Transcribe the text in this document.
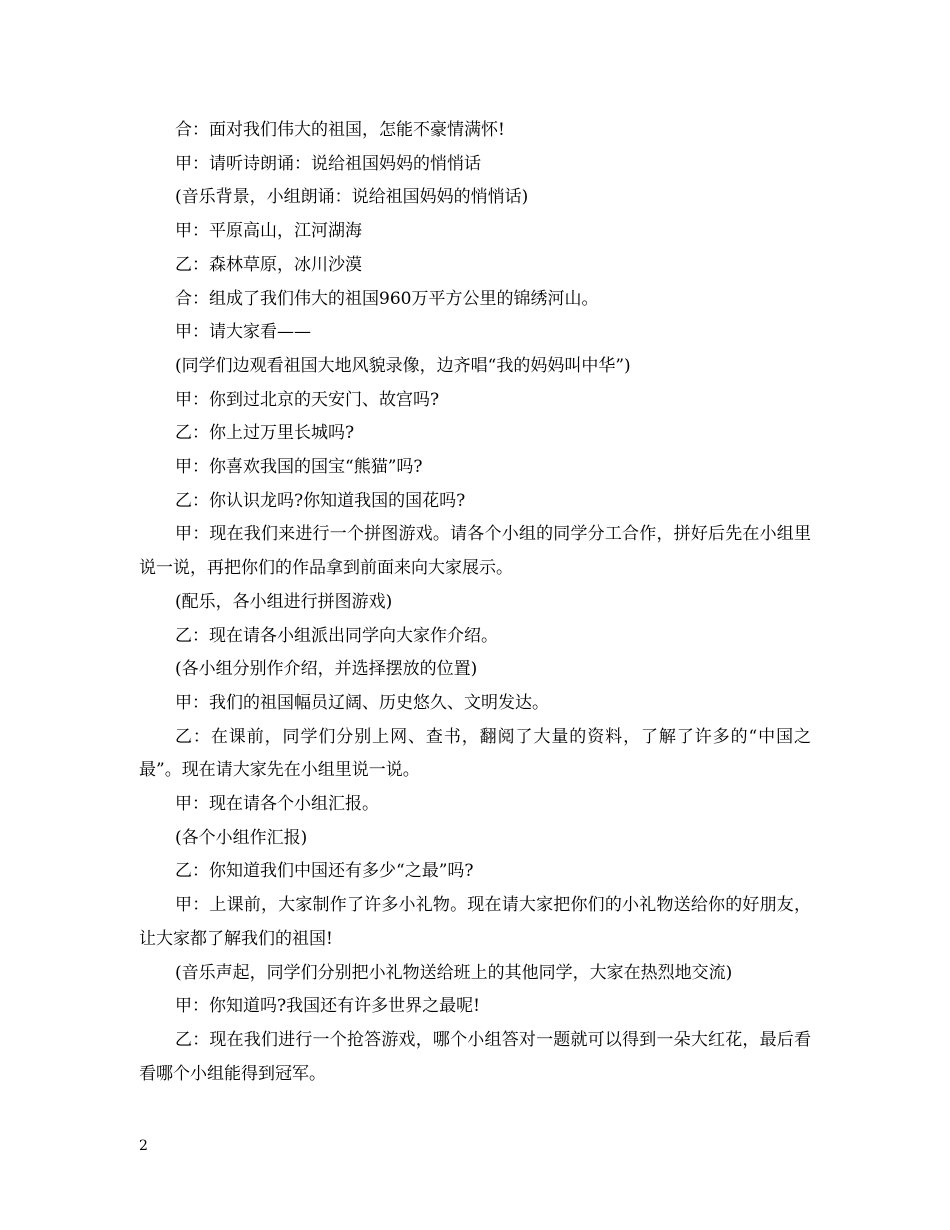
合：面对我们伟大的祖国，怎能不豪情满怀!

甲：请听诗朗诵：说给祖国妈妈的悄悄话

(音乐背景，小组朗诵：说给祖国妈妈的悄悄话)

甲：平原高山，江河湖海

乙：森林草原，冰川沙漠

合：组成了我们伟大的祖国960万平方公里的锦绣河山。

甲：请大家看——

(同学们边观看祖国大地风貌录像，边齐唱“我的妈妈叫中华”)

甲：你到过北京的天安门、故宫吗?

乙：你上过万里长城吗?

甲：你喜欢我国的国宝“熊猫”吗?

乙：你认识龙吗?你知道我国的国花吗?

甲：现在我们来进行一个拼图游戏。请各个小组的同学分工合作，拼好后先在小组里说一说，再把你们的作品拿到前面来向大家展示。

(配乐，各小组进行拼图游戏)

乙：现在请各小组派出同学向大家作介绍。

(各小组分别作介绍，并选择摆放的位置)

甲：我们的祖国幅员辽阔、历史悠久、文明发达。

乙：在课前，同学们分别上网、查书，翻阅了大量的资料，了解了许多的“中国之最”。现在请大家先在小组里说一说。

甲：现在请各个小组汇报。

(各个小组作汇报)

乙：你知道我们中国还有多少“之最”吗?

甲：上课前，大家制作了许多小礼物。现在请大家把你们的小礼物送给你的好朋友，让大家都了解我们的祖国!

(音乐声起，同学们分别把小礼物送给班上的其他同学，大家在热烈地交流)

甲：你知道吗?我国还有许多世界之最呢!

乙：现在我们进行一个抢答游戏，哪个小组答对一题就可以得到一朵大红花，最后看看哪个小组能得到冠军。

2
